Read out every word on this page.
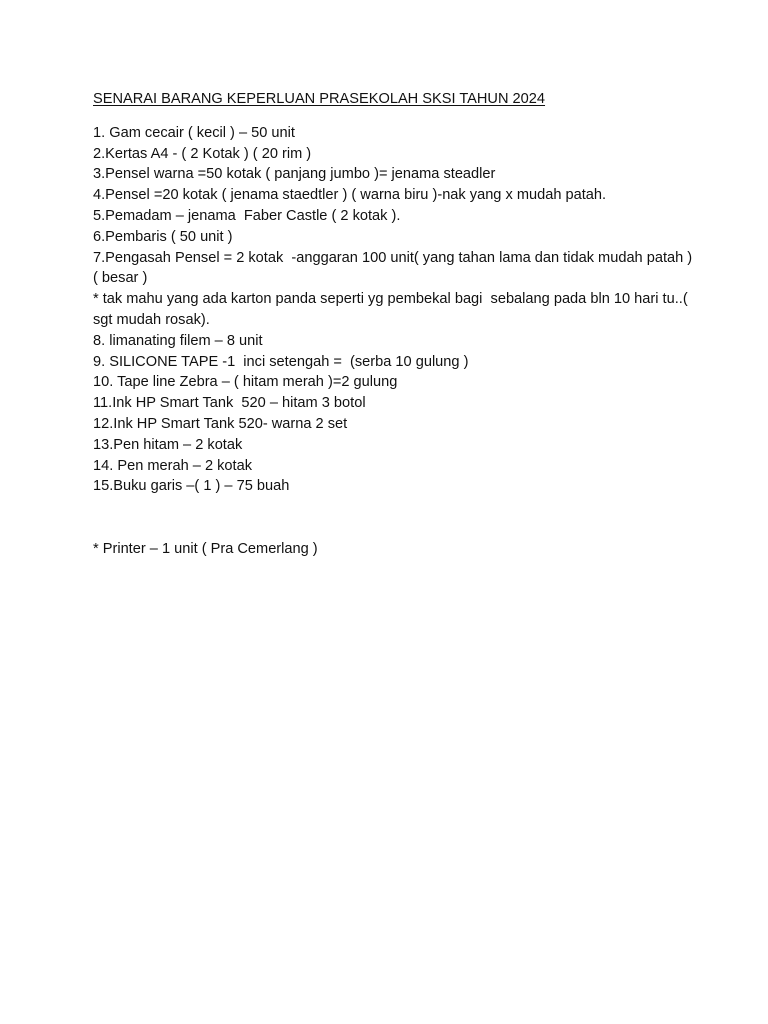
SENARAI BARANG KEPERLUAN PRASEKOLAH SKSI TAHUN 2024

1. Gam cecair ( kecil ) – 50 unit

2.Kertas A4 - ( 2 Kotak ) ( 20 rim )

3.Pensel warna =50 kotak ( panjang jumbo )= jenama steadler

4.Pensel =20 kotak ( jenama staedtler ) ( warna biru )-nak yang x mudah patah.

5.Pemadam – jenama  Faber Castle ( 2 kotak ).

6.Pembaris ( 50 unit )

7.Pengasah Pensel = 2 kotak  -anggaran 100 unit( yang tahan lama dan tidak mudah patah )( besar )

* tak mahu yang ada karton panda seperti yg pembekal bagi  sebalang pada bln 10 hari tu..( sgt mudah rosak).

8. limanating filem – 8 unit

9. SILICONE TAPE -1  inci setengah =  (serba 10 gulung )

10. Tape line Zebra – ( hitam merah )=2 gulung

11.Ink HP Smart Tank  520 – hitam 3 botol

12.Ink HP Smart Tank 520- warna 2 set

13.Pen hitam – 2 kotak

14. Pen merah – 2 kotak

15.Buku garis –( 1 ) – 75 buah

* Printer – 1 unit ( Pra Cemerlang )
